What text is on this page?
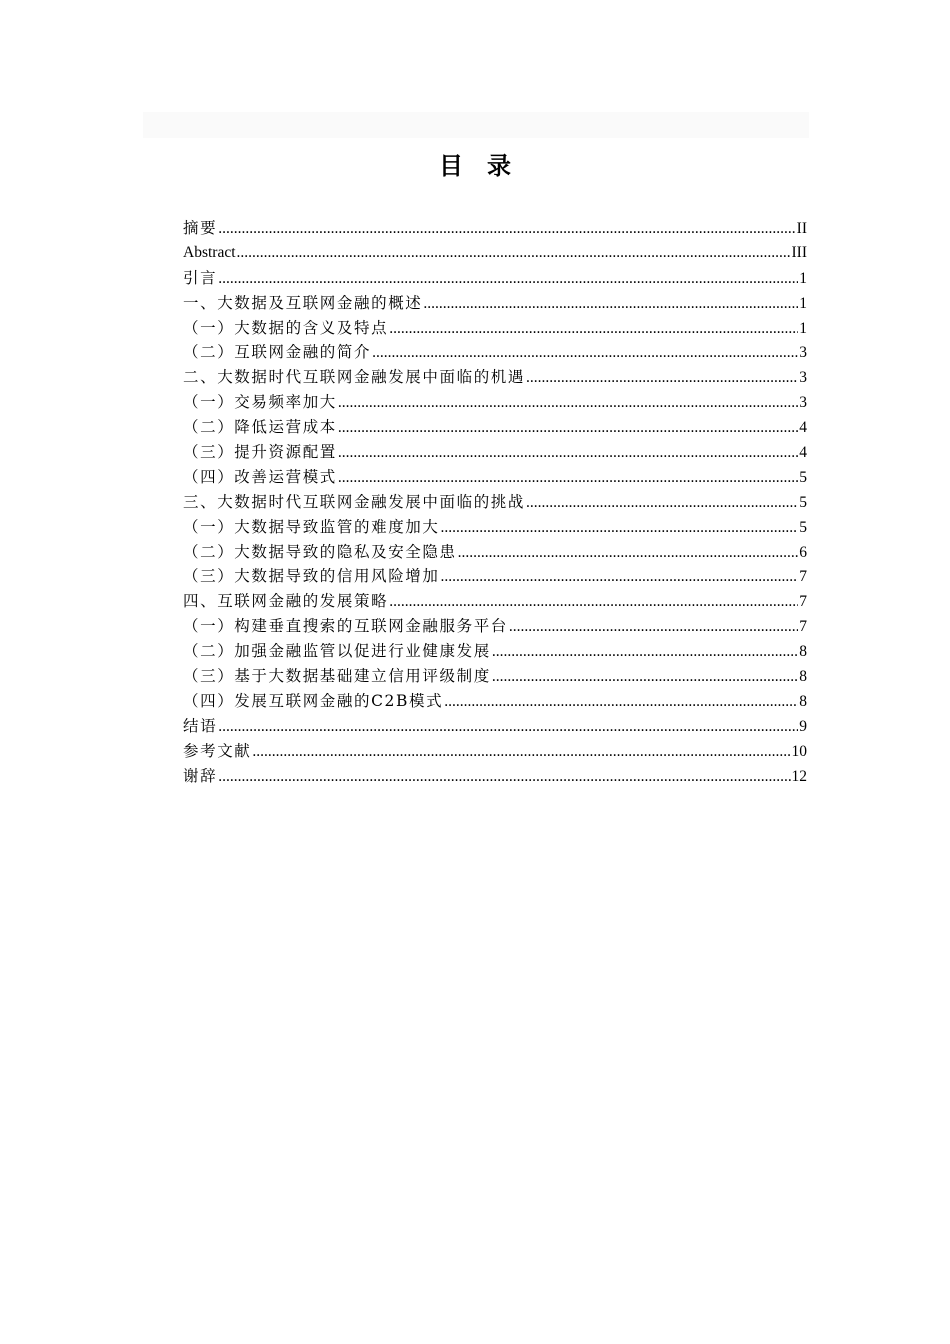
目录
摘要 .....	II
Abstract .....	III
引言 .....	1
一、大数据及互联网金融的概述 .....	1
（一）大数据的含义及特点 .....	1
（二）互联网金融的简介 .....	3
二、大数据时代互联网金融发展中面临的机遇 .....	3
（一）交易频率加大 .....	3
（二）降低运营成本 .....	4
（三）提升资源配置 .....	4
（四）改善运营模式 .....	5
三、大数据时代互联网金融发展中面临的挑战 .....	5
（一）大数据导致监管的难度加大 .....	5
（二）大数据导致的隐私及安全隐患 .....	6
（三）大数据导致的信用风险增加 .....	7
四、互联网金融的发展策略 .....	7
（一）构建垂直搜索的互联网金融服务平台 .....	7
（二）加强金融监管以促进行业健康发展 .....	8
（三）基于大数据基础建立信用评级制度 .....	8
（四）发展互联网金融的C2B模式 .....	8
结语 .....	9
参考文献 .....	10
谢辞 .....	12
